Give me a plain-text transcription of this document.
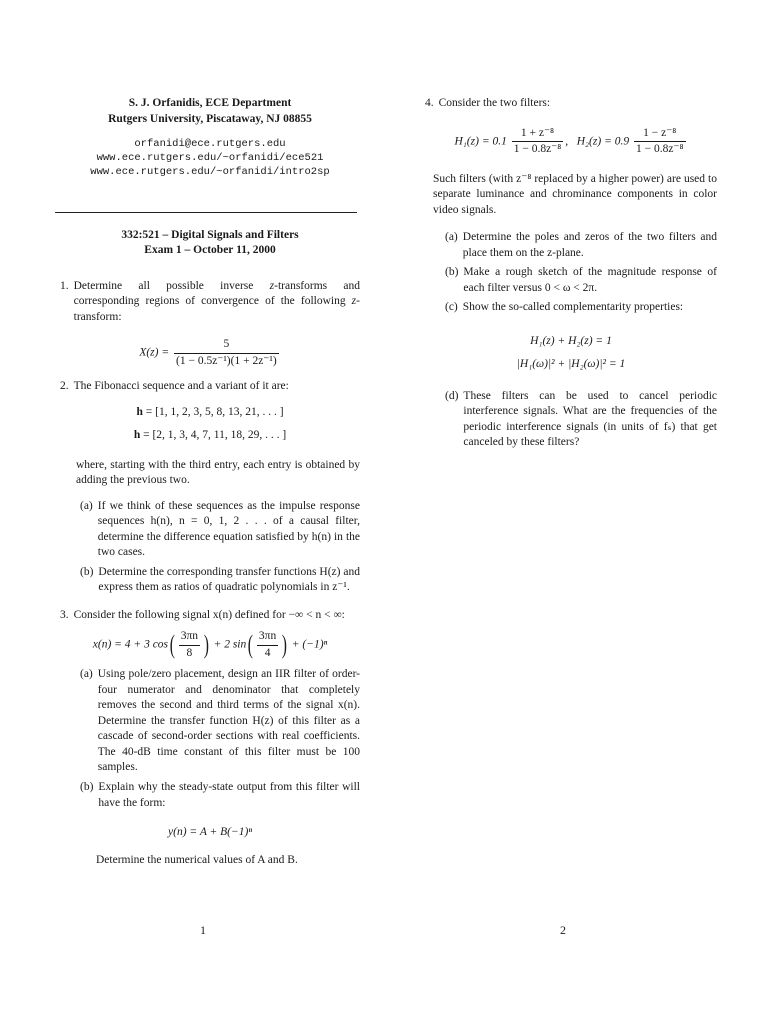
S. J. Orfanidis, ECE Department
Rutgers University, Piscataway, NJ 08855
orfanidi@ece.rutgers.edu
www.ece.rutgers.edu/~orfanidi/ece521
www.ece.rutgers.edu/~orfanidi/intro2sp
332:521 – Digital Signals and Filters
Exam 1 – October 11, 2000
1. Determine all possible inverse z-transforms and corresponding regions of convergence of the following z-transform:
$X(z) = \frac{5}{\text{(1 − 0.5z⁻¹)(1 + 2z⁻¹)}}$
2. The Fibonacci sequence and a variant of it are:
h = [1, 1, 2, 3, 5, 8, 13, 21, . . . ]
h = [2, 1, 3, 4, 7, 11, 18, 29, . . . ]
where, starting with the third entry, each entry is obtained by adding the previous two.
(a) If we think of these sequences as the impulse response sequences h(n), n = 0, 1, 2 . . . of a causal filter, determine the difference equation satisfied by h(n) in the two cases.
(b) Determine the corresponding transfer functions H(z) and express them as ratios of quadratic polynomials in z⁻¹.
3. Consider the following signal x(n) defined for −∞ < n < ∞:
x(n) = 4 + 3 $\cos( \frac{3\pi n}{8}$ ) + 2 $\sin( \frac{3\pi n}{4}$ ) + (−1)ⁿ
(a) Using pole/zero placement, design an IIR filter of order-four numerator and denominator that completely removes the second and third terms of the signal x(n). Determine the transfer function H(z) of this filter as a cascade of second-order sections with real coefficients. The 40-dB time constant of this filter must be 100 samples.
(b) Explain why the steady-state output from this filter will have the form:
y(n) = A + B(−1)ⁿ
Determine the numerical values of A and B.
4. Consider the two filters:
$H_1(z) = 0.1 \frac{\text{1 + z⁻⁸}}{\text{1 − 0.8z⁻⁸}}$ ,   $H_2(z) = 0.9 \frac{\text{1 − z⁻⁸}}{\text{1 − 0.8z⁻⁸}}$
Such filters (with z⁻⁸ replaced by a higher power) are used to separate luminance and chrominance components in color video signals.
(a) Determine the poles and zeros of the two filters and place them on the z-plane.
(b) Make a rough sketch of the magnitude response of each filter versus 0 < ω < 2π.
(c) Show the so-called complementarity properties:
H₁(z) + H₂(z) = 1
|H₁(ω)|² + |H₂(ω)|² = 1
(d) These filters can be used to cancel periodic interference signals. What are the frequencies of the periodic interference signals (in units of fₛ) that get canceled by these filters?
1	2
